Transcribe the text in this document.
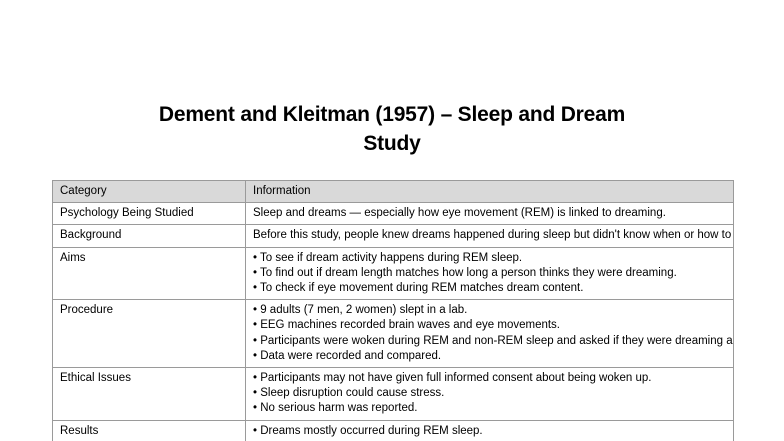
Dement and Kleitman (1957) – Sleep and Dream
Study
Category	Information
Psychology Being Studied	Sleep and dreams — especially how eye movement (REM) is linked to dreaming.

Background	Before this study, people knew dreams happened during sleep but didn't know when or how to

Aims	• To see if dream activity happens during REM sleep.
• To find out if dream length matches how long a person thinks they were dreaming.
• To check if eye movement during REM matches dream content.

Procedure	• 9 adults (7 men, 2 women) slept in a lab.
• EEG machines recorded brain waves and eye movements.
• Participants were woken during REM and non-REM sleep and asked if they were dreaming a
• Data were recorded and compared.

Ethical Issues	• Participants may not have given full informed consent about being woken up.
• Sleep disruption could cause stress.
• No serious harm was reported.

Results	• Dreams mostly occurred during REM sleep.
